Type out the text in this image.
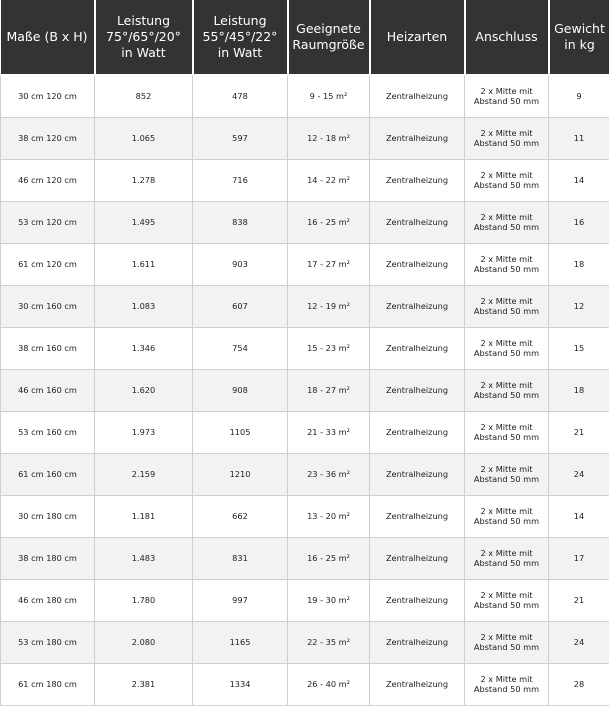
Maße (B x H)	Leistung
75°/65°/20°
in Watt	Leistung
55°/45°/22°
in Watt	Geeignete
Raumgröße	Heizarten	Anschluss	Gewicht
in kg
30 cm 120 cm	852	478	9 - 15 m²	Zentralheizung	2 x Mitte mit
Abstand 50 mm	9
38 cm 120 cm	1.065	597	12 - 18 m²	Zentralheizung	2 x Mitte mit
Abstand 50 mm	11
46 cm 120 cm	1.278	716	14 - 22 m²	Zentralheizung	2 x Mitte mit
Abstand 50 mm	14
53 cm 120 cm	1.495	838	16 - 25 m²	Zentralheizung	2 x Mitte mit
Abstand 50 mm	16
61 cm 120 cm	1.611	903	17 - 27 m²	Zentralheizung	2 x Mitte mit
Abstand 50 mm	18
30 cm 160 cm	1.083	607	12 - 19 m²	Zentralheizung	2 x Mitte mit
Abstand 50 mm	12
38 cm 160 cm	1.346	754	15 - 23 m²	Zentralheizung	2 x Mitte mit
Abstand 50 mm	15
46 cm 160 cm	1.620	908	18 - 27 m²	Zentralheizung	2 x Mitte mit
Abstand 50 mm	18
53 cm 160 cm	1.973	1105	21 - 33 m²	Zentralheizung	2 x Mitte mit
Abstand 50 mm	21
61 cm 160 cm	2.159	1210	23 - 36 m²	Zentralheizung	2 x Mitte mit
Abstand 50 mm	24
30 cm 180 cm	1.181	662	13 - 20 m²	Zentralheizung	2 x Mitte mit
Abstand 50 mm	14
38 cm 180 cm	1.483	831	16 - 25 m²	Zentralheizung	2 x Mitte mit
Abstand 50 mm	17
46 cm 180 cm	1.780	997	19 - 30 m²	Zentralheizung	2 x Mitte mit
Abstand 50 mm	21
53 cm 180 cm	2.080	1165	22 - 35 m²	Zentralheizung	2 x Mitte mit
Abstand 50 mm	24
61 cm 180 cm	2.381	1334	26 - 40 m²	Zentralheizung	2 x Mitte mit
Abstand 50 mm	28
